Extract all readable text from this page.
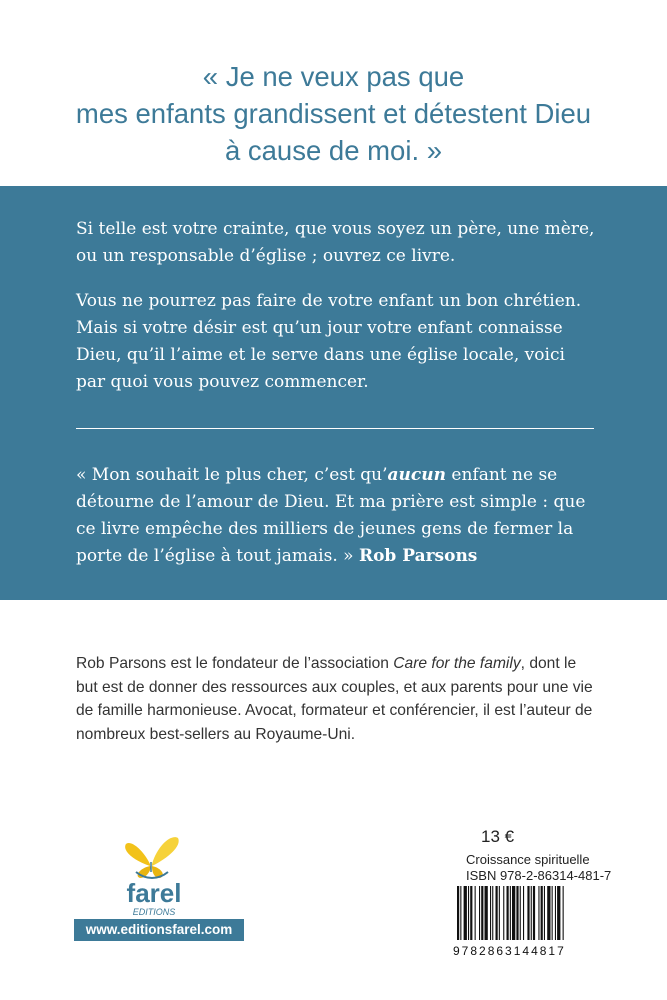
« Je ne veux pas que
mes enfants grandissent et détestent Dieu
à cause de moi. »

Si telle est votre crainte, que vous soyez un père, une mère, ou un responsable d’église ; ouvrez ce livre.

Vous ne pourrez pas faire de votre enfant un bon chrétien. Mais si votre désir est qu’un jour votre enfant connaisse Dieu, qu’il l’aime et le serve dans une église locale, voici par quoi vous pouvez commencer.

« Mon souhait le plus cher, c’est qu’aucun enfant ne se détourne de l’amour de Dieu. Et ma prière est simple : que ce livre empêche des milliers de jeunes gens de fermer la porte de l’église à tout jamais. » Rob Parsons

Rob Parsons est le fondateur de l’association Care for the family, dont le but est de donner des ressources aux couples, et aux parents pour une vie de famille harmonieuse. Avocat, formateur et conférencier, il est l’auteur de nombreux best-sellers au Royaume-Uni.

farel
EDITIONS
www.editionsfarel.com
13 €
Croissance spirituelle
ISBN 978-2-86314-481-7
9782863144817
